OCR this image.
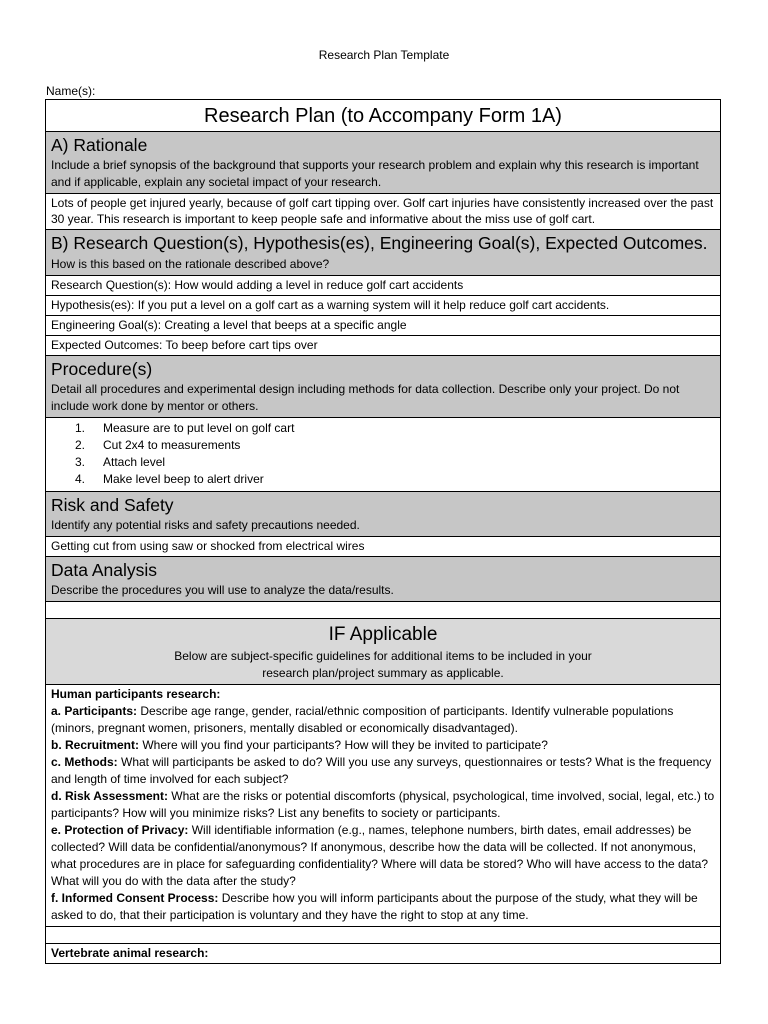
Research Plan Template
Name(s):
Research Plan (to Accompany Form 1A)
A) Rationale
Include a brief synopsis of the background that supports your research problem and explain why this research is important and if applicable, explain any societal impact of your research.
Lots of people get injured yearly, because of golf cart tipping over. Golf cart injuries have consistently increased over the past 30 year. This research is important to keep people safe and informative about the miss use of golf cart.
B) Research Question(s), Hypothesis(es), Engineering Goal(s), Expected Outcomes.
How is this based on the rationale described above?
Research Question(s): How would adding a level in reduce golf cart accidents
Hypothesis(es): If you put a level on a golf cart as a warning system will it help reduce golf cart accidents.
Engineering Goal(s): Creating a level that beeps at a specific angle
Expected Outcomes: To beep before cart tips over
Procedure(s)
Detail all procedures and experimental design including methods for data collection. Describe only your project. Do not include work done by mentor or others.
1. Measure are to put level on golf cart
2. Cut 2x4 to measurements
3. Attach level
4. Make level beep to alert driver
Risk and Safety
Identify any potential risks and safety precautions needed.
Getting cut from using saw or shocked from electrical wires
Data Analysis
Describe the procedures you will use to analyze the data/results.
IF Applicable
Below are subject-specific guidelines for additional items to be included in your research plan/project summary as applicable.

Human participants research:

a. Participants: Describe age range, gender, racial/ethnic composition of participants. Identify vulnerable populations (minors, pregnant women, prisoners, mentally disabled or economically disadvantaged).

b. Recruitment: Where will you find your participants? How will they be invited to participate?

c. Methods: What will participants be asked to do? Will you use any surveys, questionnaires or tests? What is the frequency and length of time involved for each subject?

d. Risk Assessment: What are the risks or potential discomforts (physical, psychological, time involved, social, legal, etc.) to participants? How will you minimize risks? List any benefits to society or participants.

e. Protection of Privacy: Will identifiable information (e.g., names, telephone numbers, birth dates, email addresses) be collected? Will data be confidential/anonymous? If anonymous, describe how the data will be collected. If not anonymous, what procedures are in place for safeguarding confidentiality? Where will data be stored? Who will have access to the data? What will you do with the data after the study?

f. Informed Consent Process: Describe how you will inform participants about the purpose of the study, what they will be asked to do, that their participation is voluntary and they have the right to stop at any time.

Vertebrate animal research:
